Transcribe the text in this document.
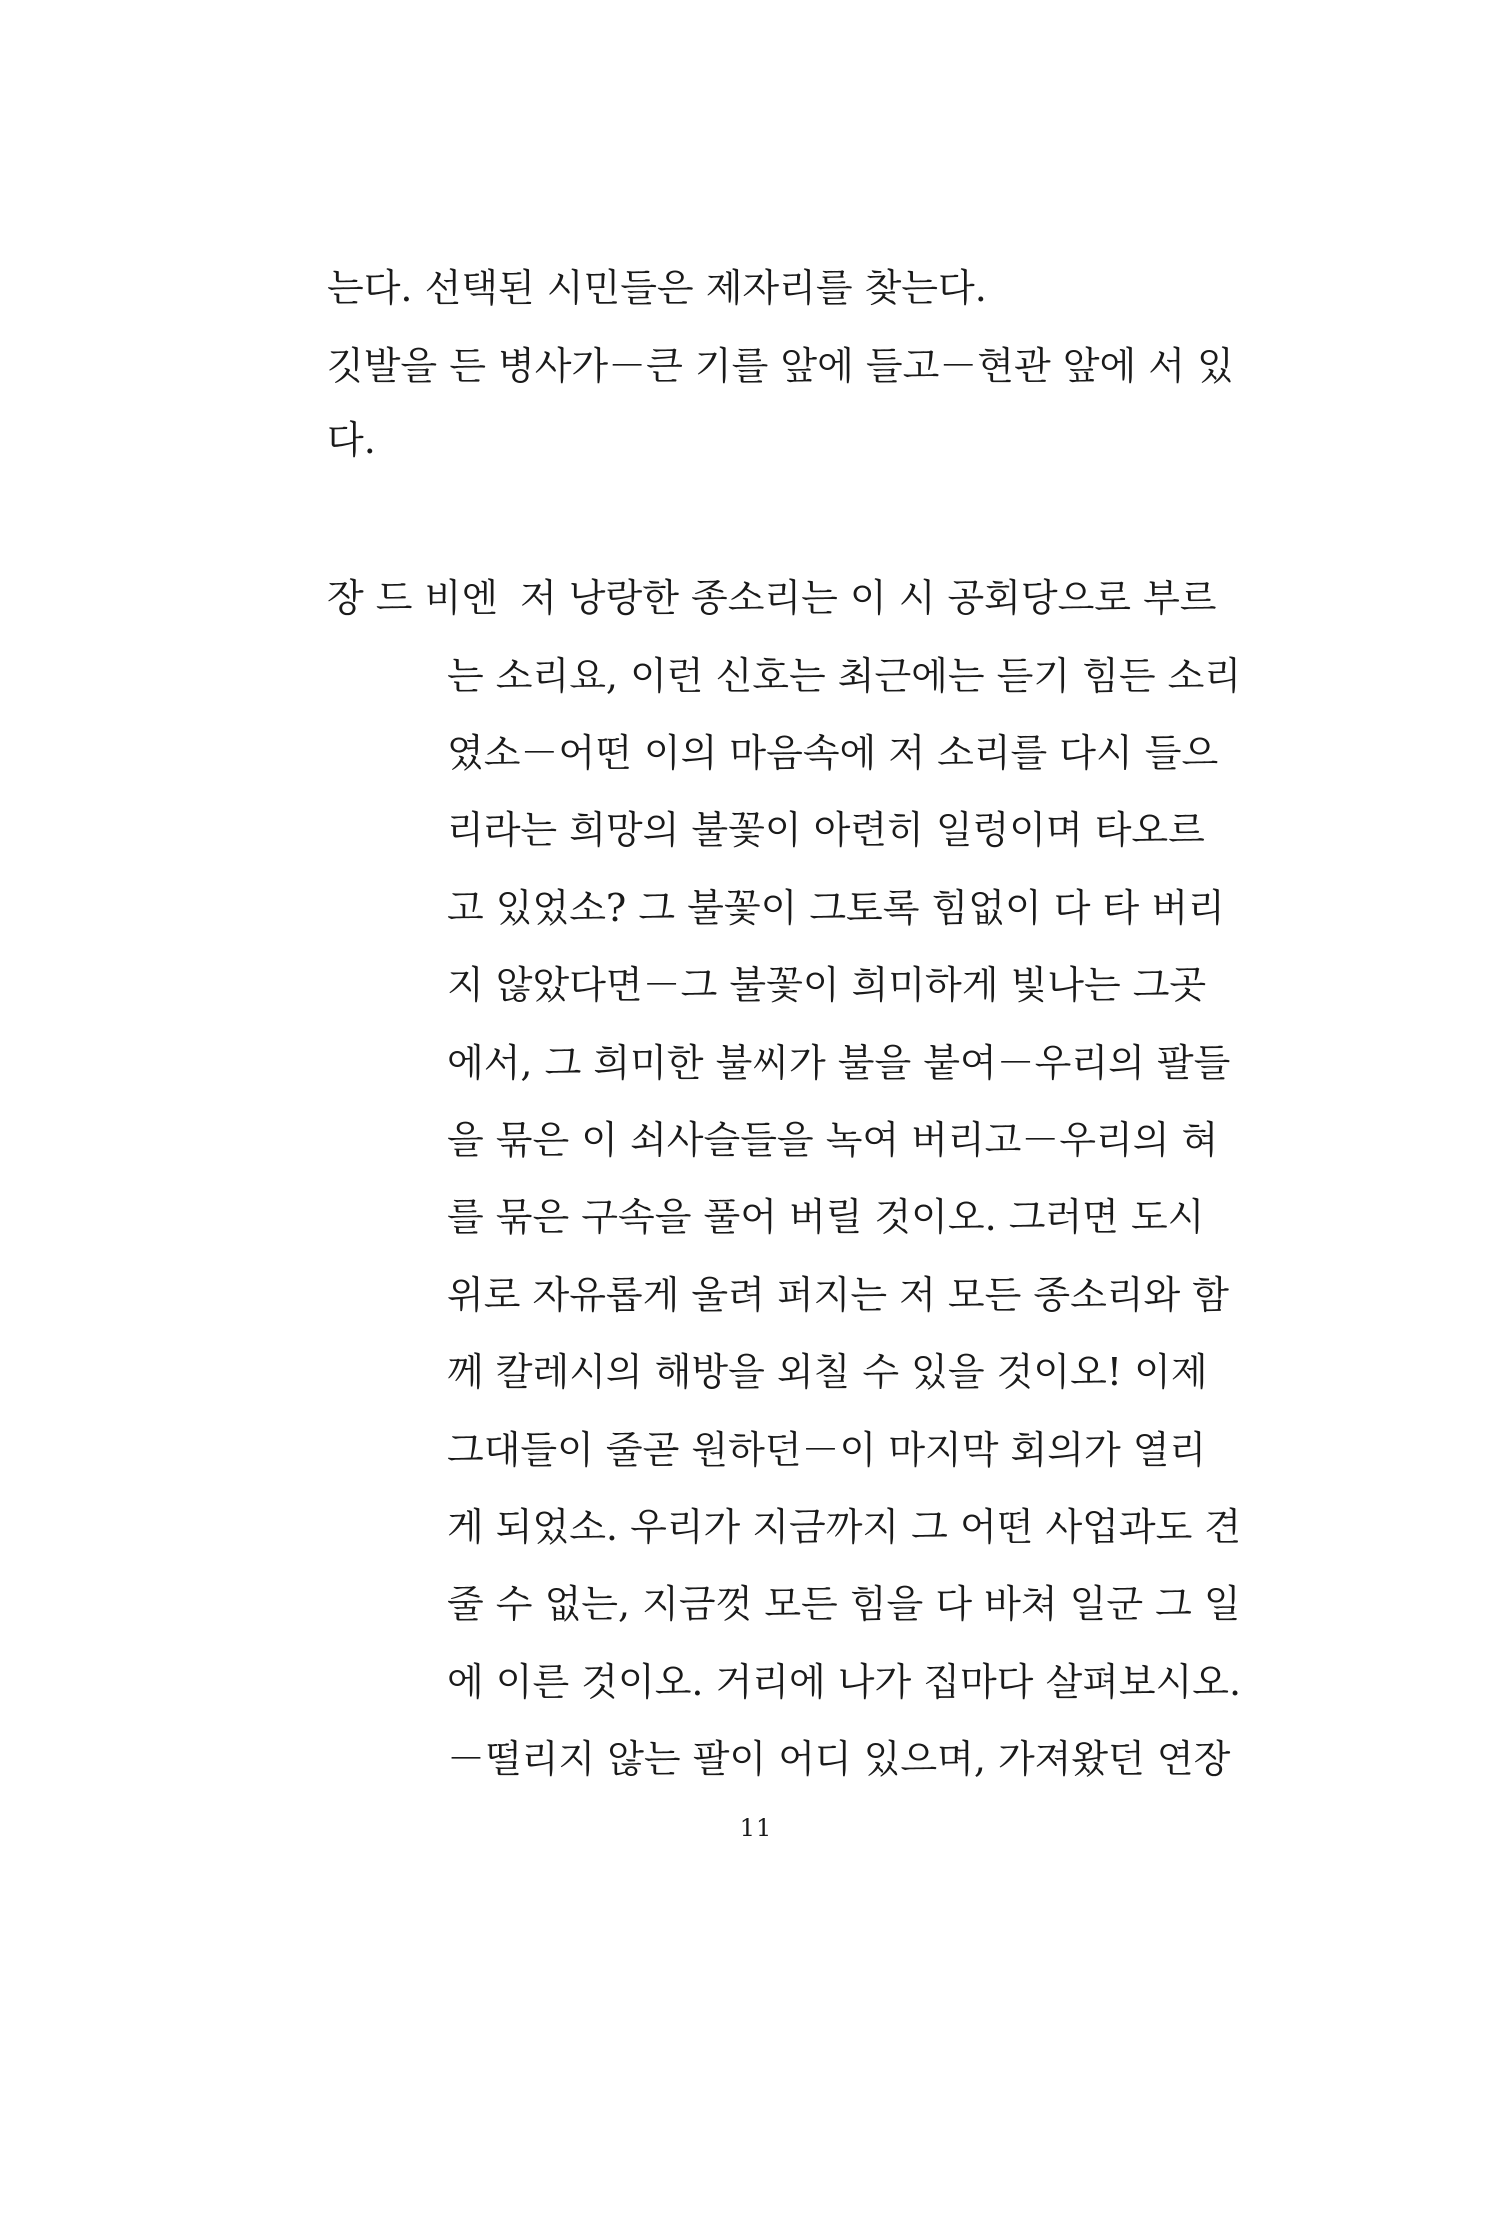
는다. 선택된 시민들은 제자리를 찾는다.
깃발을 든 병사가－큰 기를 앞에 들고－현관 앞에 서 있
다.
장 드 비엔 저 낭랑한 종소리는 이 시 공회당으로 부르
는 소리요, 이런 신호는 최근에는 듣기 힘든 소리
였소－어떤 이의 마음속에 저 소리를 다시 들으
리라는 희망의 불꽃이 아련히 일렁이며 타오르
고 있었소? 그 불꽃이 그토록 힘없이 다 타 버리
지 않았다면－그 불꽃이 희미하게 빛나는 그곳
에서, 그 희미한 불씨가 불을 붙여－우리의 팔들
을 묶은 이 쇠사슬들을 녹여 버리고－우리의 혀
를 묶은 구속을 풀어 버릴 것이오. 그러면 도시
위로 자유롭게 울려 퍼지는 저 모든 종소리와 함
께 칼레시의 해방을 외칠 수 있을 것이오! 이제
그대들이 줄곧 원하던－이 마지막 회의가 열리
게 되었소. 우리가 지금까지 그 어떤 사업과도 견
줄 수 없는, 지금껏 모든 힘을 다 바쳐 일군 그 일
에 이른 것이오. 거리에 나가 집마다 살펴보시오.
－떨리지 않는 팔이 어디 있으며, 가져왔던 연장
11
